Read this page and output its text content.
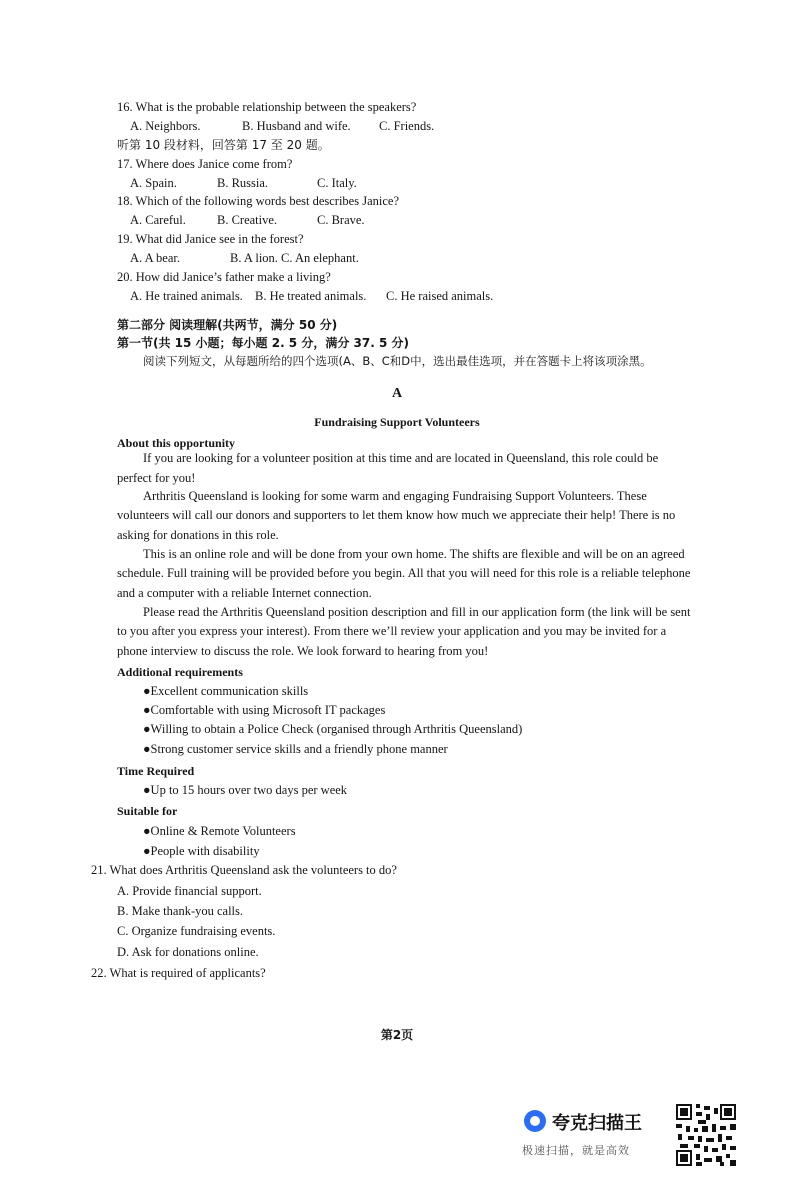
16. What is the probable relationship between the speakers?
A. Neighbors.	B. Husband and wife. C. Friends.
听第 10 段材料，回答第 17 至 20 题。
17. Where does Janice come from?
A. Spain.	B. Russia.	C. Italy.
18. Which of the following words best describes Janice?
A. Careful. B. Creative.	C. Brave.
19. What did Janice see in the forest?
A. A bear.	B. A lion. C. An elephant.
20. How did Janice’s father make a living?
A. He trained animals. B. He treated animals. C. He raised animals.
第二部分 阅读理解(共两节，满分 50 分)
第一节(共 15 小题；每小题 2. 5 分，满分 37. 5 分)
阅读下列短文，从每题所给的四个选项(A、B、C和D中，选出最佳选项，并在答题卡上将该项涂黑。
A
Fundraising Support Volunteers
About this opportunity
If you are looking for a volunteer position at this time and are located in Queensland, this role could be
perfect for you!
Arthritis Queensland is looking for some warm and engaging Fundraising Support Volunteers. These
volunteers will call our donors and supporters to let them know how much we appreciate their help! There is no
asking for donations in this role.
This is an online role and will be done from your own home. The shifts are flexible and will be on an agreed
schedule. Full training will be provided before you begin. All that you will need for this role is a reliable telephone
and a computer with a reliable Internet connection.
Please read the Arthritis Queensland position description and fill in our application form (the link will be sent
to you after you express your interest). From there we’ll review your application and you may be invited for a
phone interview to discuss the role. We look forward to hearing from you!
Additional requirements
●Excellent communication skills
●Comfortable with using Microsoft IT packages
●Willing to obtain a Police Check (organised through Arthritis Queensland)
●Strong customer service skills and a friendly phone manner
Time Required
●Up to 15 hours over two days per week
Suitable for
●Online & Remote Volunteers
●People with disability
21. What does Arthritis Queensland ask the volunteers to do?
A. Provide financial support.
B. Make thank-you calls.
C. Organize fundraising events.
D. Ask for donations online.
22. What is required of applicants?
第2页
夸克扫描王
极速扫描，就是高效
